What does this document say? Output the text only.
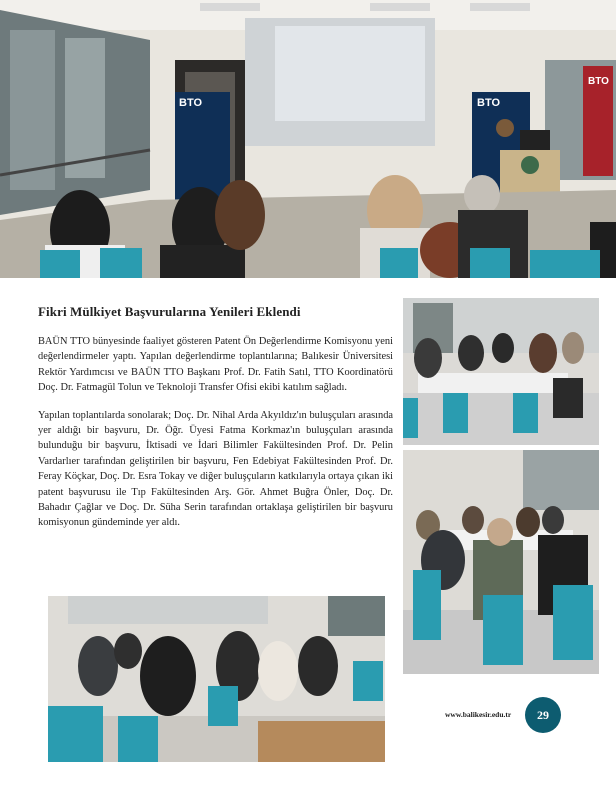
BTO	BTO
BTO
Fikri Mülkiyet Başvurularına Yenileri Eklendi

BAÜN TTO bünyesinde faaliyet gösteren Patent Ön Değerlendirme Komisyonu yeni değerlendirmeler yaptı. Yapılan değerlendirme toplantılarına; Balıkesir Üniversitesi Rektör Yardımcısı ve BAÜN TTO Başkanı Prof. Dr. Fatih Satıl, TTO Koordinatörü Doç. Dr. Fatmagül Tolun ve Teknoloji Transfer Ofisi ekibi katılım sağladı.

Yapılan toplantılarda sonolarak; Doç. Dr. Nihal Arda Akyıldız'ın buluşçuları arasında yer aldığı bir başvuru, Dr. Öğr. Üyesi Fatma Korkmaz'ın buluşçuları arasında bulunduğu bir başvuru, İktisadi ve İdari Bilimler Fakültesinden Prof. Dr. Pelin Vardarlıer tarafından geliştirilen bir başvuru, Fen Edebiyat Fakültesinden Prof. Dr. Feray Köçkar, Doç. Dr. Esra Tokay ve diğer buluşçuların katkılarıyla ortaya çıkan iki patent başvurusu ile Tıp Fakültesinden Arş. Gör. Ahmet Buğra Önler, Doç. Dr. Bahadır Çağlar ve Doç. Dr. Süha Serin tarafından ortaklaşa geliştirilen bir başvuru komisyonun gündeminde yer aldı.

www.balikesir.edu.tr	29
